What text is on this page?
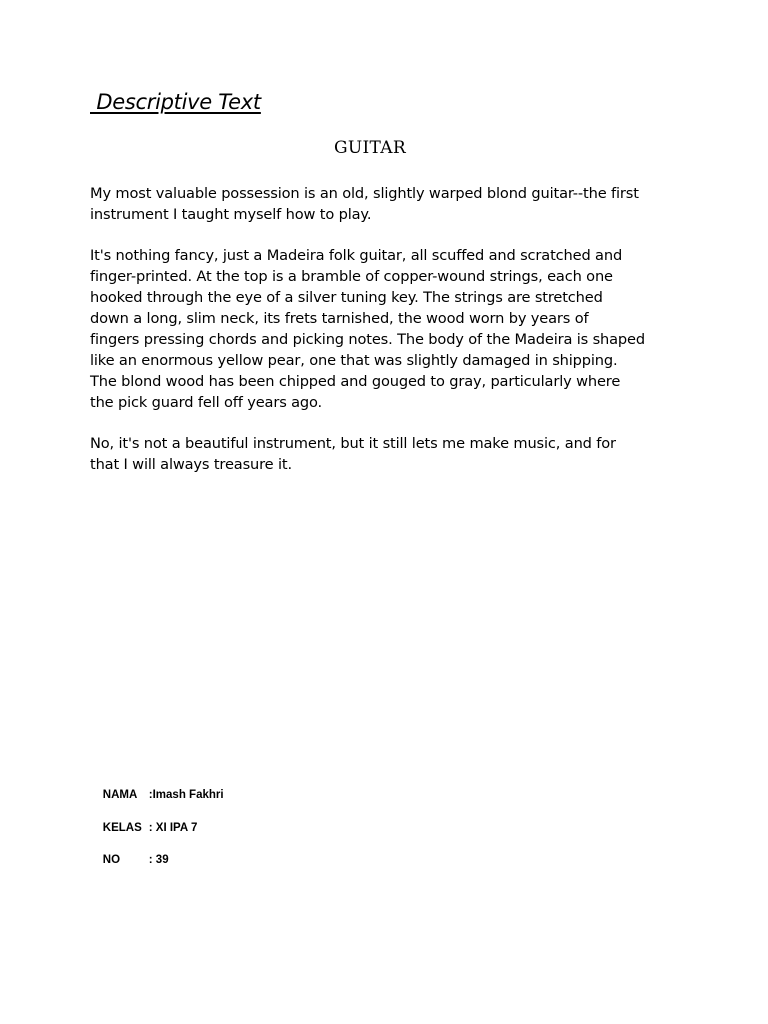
Descriptive Text
GUITAR

My most valuable possession is an old, slightly warped blond guitar--the first
instrument I taught myself how to play.

It's nothing fancy, just a Madeira folk guitar, all scuffed and scratched and
finger-printed. At the top is a bramble of copper-wound strings, each one
hooked through the eye of a silver tuning key. The strings are stretched
down a long, slim neck, its frets tarnished, the wood worn by years of
fingers pressing chords and picking notes. The body of the Madeira is shaped
like an enormous yellow pear, one that was slightly damaged in shipping.
The blond wood has been chipped and gouged to gray, particularly where
the pick guard fell off years ago.

No, it's not a beautiful instrument, but it still lets me make music, and for
that I will always treasure it.

NAMA :Imash Fakhri

KELAS : XI IPA 7

NO	: 39
